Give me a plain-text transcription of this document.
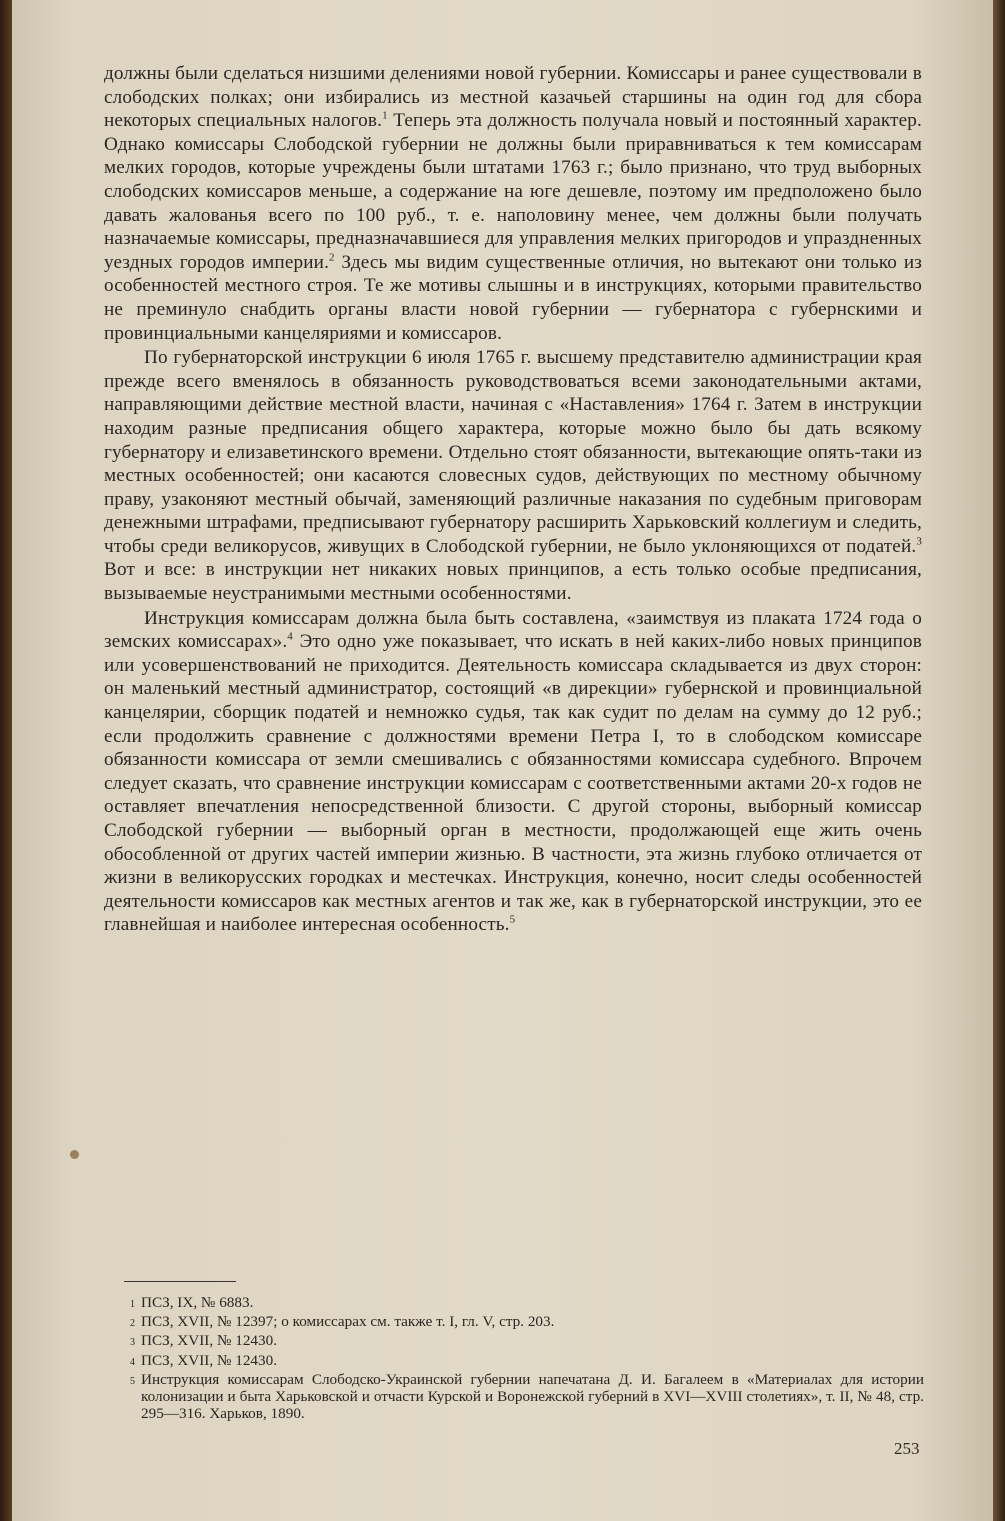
должны были сделаться низшими делениями новой губернии. Комиссары и ранее существовали в слободских полках; они избирались из местной казачьей старшины на один год для сбора некоторых специальных налогов.$^1$ Теперь эта должность получала новый и постоянный характер. Однако комиссары Слободской губернии не должны были приравниваться к тем комиссарам мелких городов, которые учреждены были штатами 1763 г.; было признано, что труд выборных слободских комиссаров меньше, а содержание на юге дешевле, поэтому им предположено было давать жалованья всего по 100 руб., т. е. наполовину менее, чем должны были получать назначаемые комиссары, предназначавшиеся для управления мелких пригородов и упраздненных уездных городов империи.$^2$ Здесь мы видим существенные отличия, но вытекают они только из особенностей местного строя. Те же мотивы слышны и в инструкциях, которыми правительство не преминуло снабдить органы власти новой губернии — губернатора с губернскими и провинциальными канцеляриями и комиссаров.

По губернаторской инструкции 6 июля 1765 г. высшему представителю администрации края прежде всего вменялось в обязанность руководствоваться всеми законодательными актами, направляющими действие местной власти, начиная с «Наставления» 1764 г. Затем в инструкции находим разные предписания общего характера, которые можно было бы дать всякому губернатору и елизаветинского времени. Отдельно стоят обязанности, вытекающие опять-таки из местных особенностей; они касаются словесных судов, действующих по местному обычному праву, узаконяют местный обычай, заменяющий различные наказания по судебным приговорам денежными штрафами, предписывают губернатору расширить Харьковский коллегиум и следить, чтобы среди великорусов, живущих в Слободской губернии, не было уклоняющихся от податей.$^3$ Вот и все: в инструкции нет никаких новых принципов, а есть только особые предписания, вызываемые неустранимыми местными особенностями.

Инструкция комиссарам должна была быть составлена, «заимствуя из плаката 1724 года о земских комиссарах».$^4$ Это одно уже показывает, что искать в ней каких-либо новых принципов или усовершенствований не приходится. Деятельность комиссара складывается из двух сторон: он маленький местный администратор, состоящий «в дирекции» губернской и провинциальной канцелярии, сборщик податей и немножко судья, так как судит по делам на сумму до 12 руб.; если продолжить сравнение с должностями времени Петра I, то в слободском комиссаре обязанности комиссара от земли смешивались с обязанностями комиссара судебного. Впрочем следует сказать, что сравнение инструкции комиссарам с соответственными актами 20-х годов не оставляет впечатления непосредственной близости. С другой стороны, выборный комиссар Слободской губернии — выборный орган в местности, продолжающей еще жить очень обособленной от других частей империи жизнью. В частности, эта жизнь глубоко отличается от жизни в великорусских городках и местечках. Инструкция, конечно, носит следы особенностей деятельности комиссаров как местных агентов и так же, как в губернаторской инструкции, это ее главнейшая и наиболее интересная особенность.$^5$

1 ПСЗ, IX, № 6883.
2 ПСЗ, XVII, № 12397; о комиссарах см. также т. I, гл. V, стр. 203.
3 ПСЗ, XVII, № 12430.
4 ПСЗ, XVII, № 12430.
5 Инструкция комиссарам Слободско-Украинской губернии напечатана Д. И. Багалеем в «Материалах для истории колонизации и быта Харьковской и отчасти Курской и Воронежской губерний в XVI—XVIII столетиях», т. II, № 48, стр. 295—316. Харьков, 1890.
253
